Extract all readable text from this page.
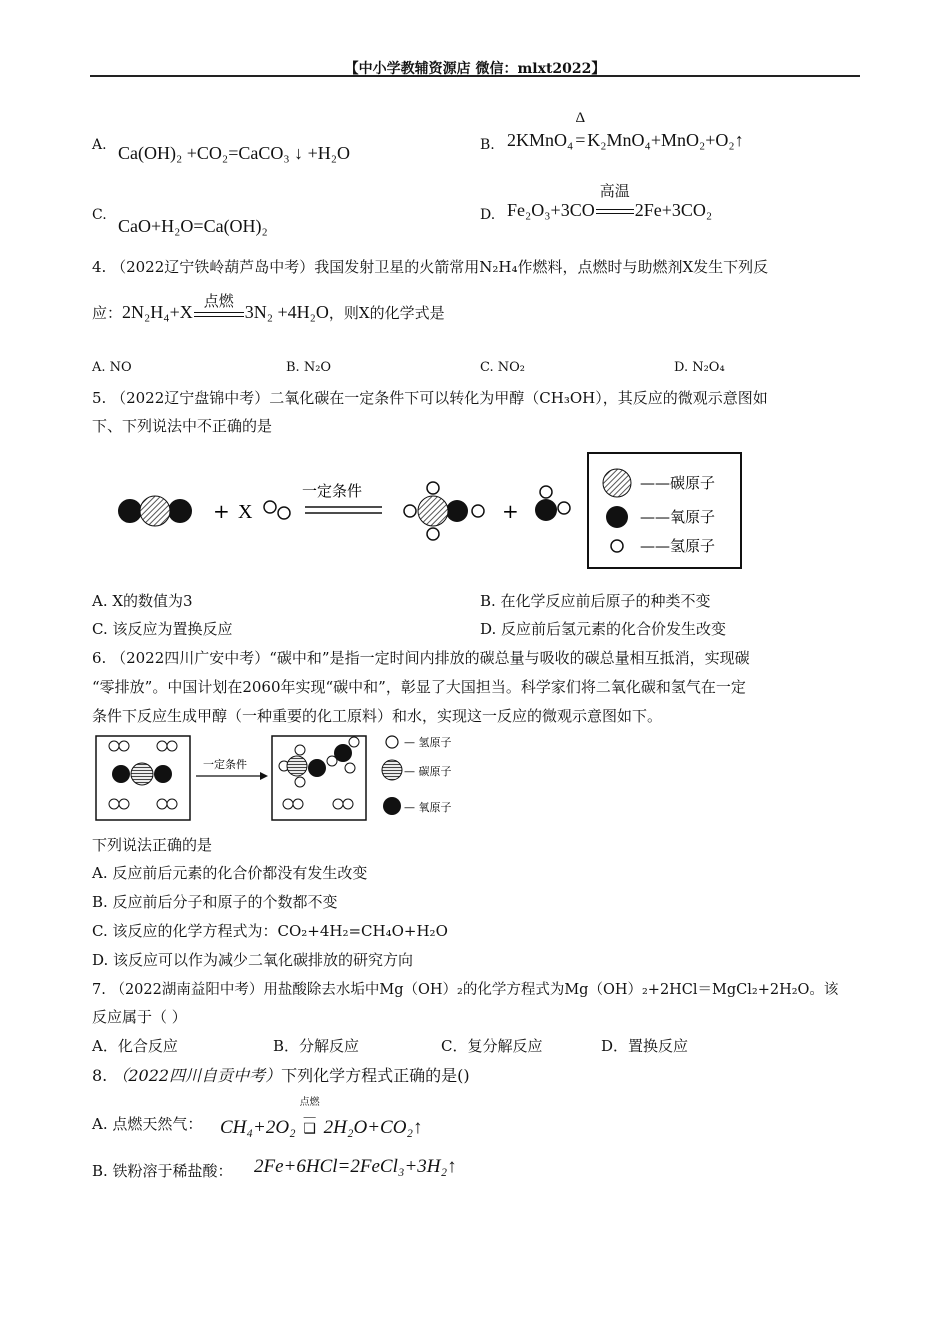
【中小学教辅资源店 微信：mlxt2022】
A. Ca(OH)₂ +CO₂=CaCO₃ ↓ +H₂O	B. 2KMnO₄
Δ
= K₂MnO₄+MnO₂+O₂↑
C.
CaO+H₂O=Ca(OH)₂
D. Fe₂O₃+3CO
高温
2Fe+3CO₂
4. （2022辽宁铁岭葫芦岛中考）我国发射卫星的火箭常用N₂H₄作燃料，点燃时与助燃剂X发生下列反
应：2N₂H₄+X
点燃
3N₂ +4H₂O，则X的化学式是
A. NO	B. N₂O	C. NO₂	D. N₂O₄
5. （2022辽宁盘锦中考）二氧化碳在一定条件下可以转化为甲醇（CH₃OH），其反应的微观示意图如
下、下列说法中不正确的是
+ X
一定条件
+
——碳原子
——氧原子
——氢原子
A. X的数值为3	B. 在化学反应前后原子的种类不变
C. 该反应为置换反应	D. 反应前后氢元素的化合价发生改变
6. （2022四川广安中考）“碳中和”是指一定时间内排放的碳总量与吸收的碳总量相互抵消，实现碳
“零排放”。中国计划在2060年实现“碳中和”，彰显了大国担当。科学家们将二氧化碳和氢气在一定
条件下反应生成甲醇（一种重要的化工原料）和水，实现这一反应的微观示意图如下。
一定条件
— 氢原子
— 碳原子
— 氧原子
下列说法正确的是
A. 反应前后元素的化合价都没有发生改变
B. 反应前后分子和原子的个数都不变
C. 该反应的化学方程式为：CO₂+4H₂=CH₄O+H₂O
D. 该反应可以作为减少二氧化碳排放的研究方向
7. （2022湖南益阳中考）用盐酸除去水垢中Mg（OH）₂的化学方程式为Mg（OH）₂+2HCl＝MgCl₂+2H₂O。该
反应属于（ ）
A．化合反应	B．分解反应	C．复分解反应	D．置换反应
8. （2022四川自贡中考）下列化学方程式正确的是()
A. 点燃天然气： CH₄+2O₂
点燃
—
❑ 2H₂O+CO₂↑
B. 铁粉溶于稀盐酸： 2Fe+6HCl=2FeCl₃+3H₂↑
